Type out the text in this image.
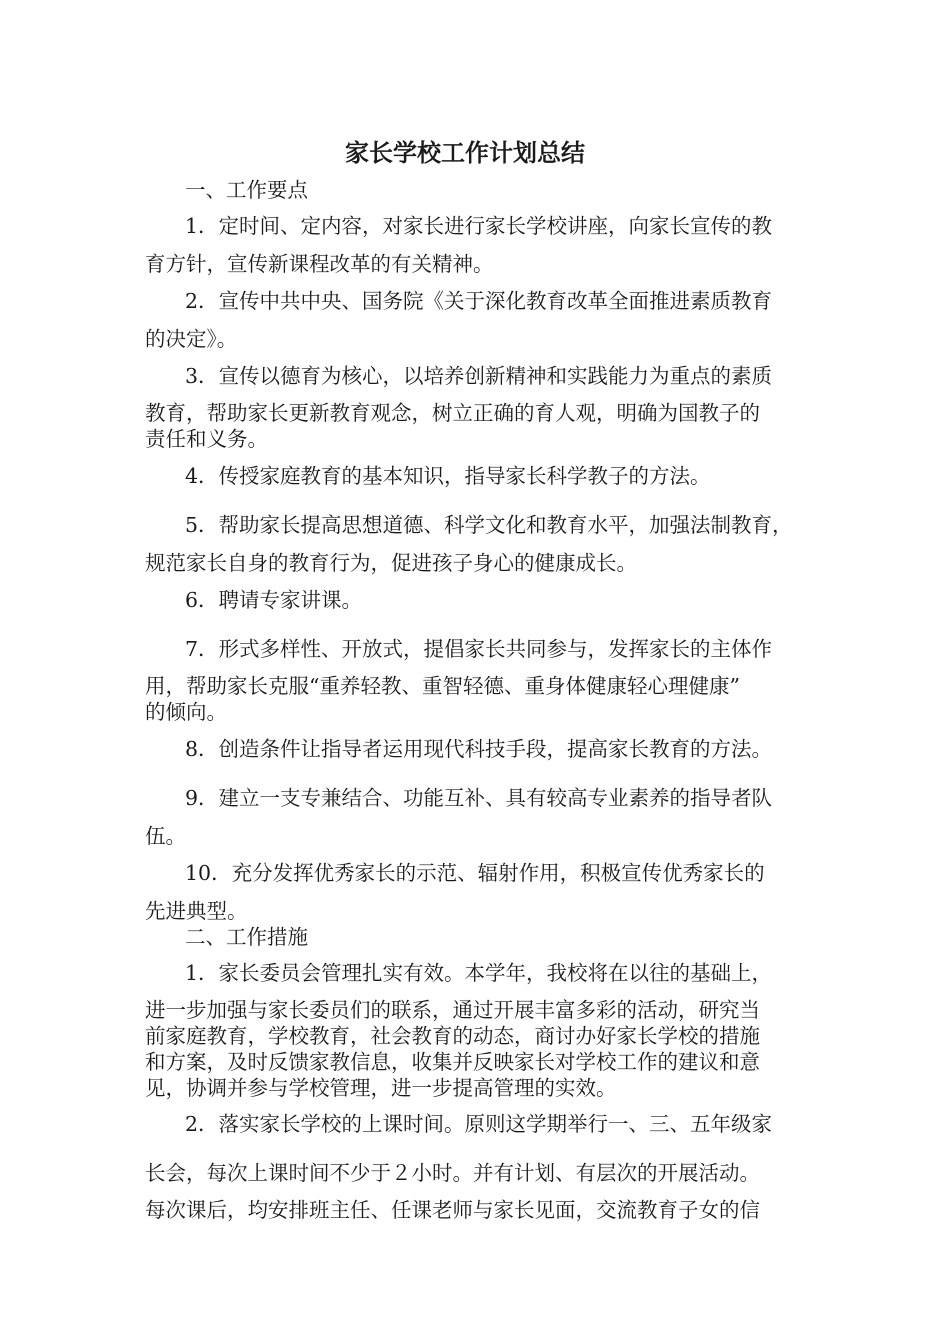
家长学校工作计划总结

一、工作要点

1．定时间、定内容，对家长进行家长学校讲座，向家长宣传的教

育方针，宣传新课程改革的有关精神。

2．宣传中共中央、国务院《关于深化教育改革全面推进素质教育

的决定》。

3．宣传以德育为核心，以培养创新精神和实践能力为重点的素质

教育，帮助家长更新教育观念，树立正确的育人观，明确为国教子的

责任和义务。

4．传授家庭教育的基本知识，指导家长科学教子的方法。

5．帮助家长提高思想道德、科学文化和教育水平，加强法制教育，

规范家长自身的教育行为，促进孩子身心的健康成长。

6．聘请专家讲课。

7．形式多样性、开放式，提倡家长共同参与，发挥家长的主体作

用，帮助家长克服“重养轻教、重智轻德、重身体健康轻心理健康”

的倾向。

8．创造条件让指导者运用现代科技手段，提高家长教育的方法。

9．建立一支专兼结合、功能互补、具有较高专业素养的指导者队

伍。

10．充分发挥优秀家长的示范、辐射作用，积极宣传优秀家长的

先进典型。

二、工作措施

1．家长委员会管理扎实有效。本学年，我校将在以往的基础上，

进一步加强与家长委员们的联系，通过开展丰富多彩的活动，研究当

前家庭教育，学校教育，社会教育的动态，商讨办好家长学校的措施

和方案，及时反馈家教信息，收集并反映家长对学校工作的建议和意

见，协调并参与学校管理，进一步提高管理的实效。

2．落实家长学校的上课时间。原则这学期举行一、三、五年级家

长会，每次上课时间不少于２小时。并有计划、有层次的开展活动。

每次课后，均安排班主任、任课老师与家长见面，交流教育子女的信
